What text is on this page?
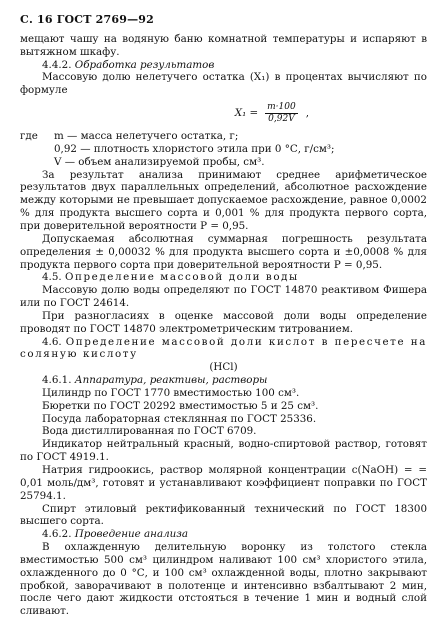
С. 16 ГОСТ 2769—92

мещают чашу на водяную баню комнатной температуры и испаряют в вытяжном шкафу.

4.4.2. Обработка результатов

Массовую долю нелетучего остатка (X₁) в процентах вычисляют по формуле

$X_1 = \frac{m\cdot 100}{0,92V}$ ,
где	m — масса нелетучего остатка, г;

0,92 — плотность хлористого этила при 0 °С, г/см³;

V — объем анализируемой пробы, см³.

За результат анализа принимают среднее арифметическое результатов двух параллельных определений, абсолютное расхождение между которыми не превышает допускаемое расхождение, равное 0,0002 % для продукта высшего сорта и 0,001 % для продукта первого сорта, при доверительной вероятности P = 0,95.

Допускаемая абсолютная суммарная погрешность результата определения ± 0,00032 % для продукта высшего сорта и ±0,0008 % для продукта первого сорта при доверительной вероятности P = 0,95.

4.5. Определение массовой доли воды

Массовую долю воды определяют по ГОСТ 14870 реактивом Фишера или по ГОСТ 24614.

При разногласиях в оценке массовой доли воды определение проводят по ГОСТ 14870 электрометрическим титрованием.

4.6. Определение массовой доли кислот в пересчете на соляную кислоту

(HCl)

4.6.1. Аппаратура, реактивы, растворы

Цилиндр по ГОСТ 1770 вместимостью 100 см³.

Бюретки по ГОСТ 20292 вместимостью 5 и 25 см³.

Посуда лабораторная стеклянная по ГОСТ 25336.

Вода дистиллированная по ГОСТ 6709.

Индикатор нейтральный красный, водно-спиртовой раствор, готовят по ГОСТ 4919.1.

Натрия гидроокись, раствор молярной концентрации c(NaOH) = = 0,01 моль/дм³, готовят и устанавливают коэффициент поправки по ГОСТ 25794.1.

Спирт этиловый ректификованный технический по ГОСТ 18300 высшего сорта.

4.6.2. Проведение анализа

В охлажденную делительную воронку из толстого стекла вместимостью 500 см³ цилиндром наливают 100 см³ хлористого этила, охлажденного до 0 °С, и 100 см³ охлажденной воды, плотно закрывают пробкой, заворачивают в полотенце и интенсивно взбалтывают 2 мин, после чего дают жидкости отстояться в течение 1 мин и водный слой сливают.
